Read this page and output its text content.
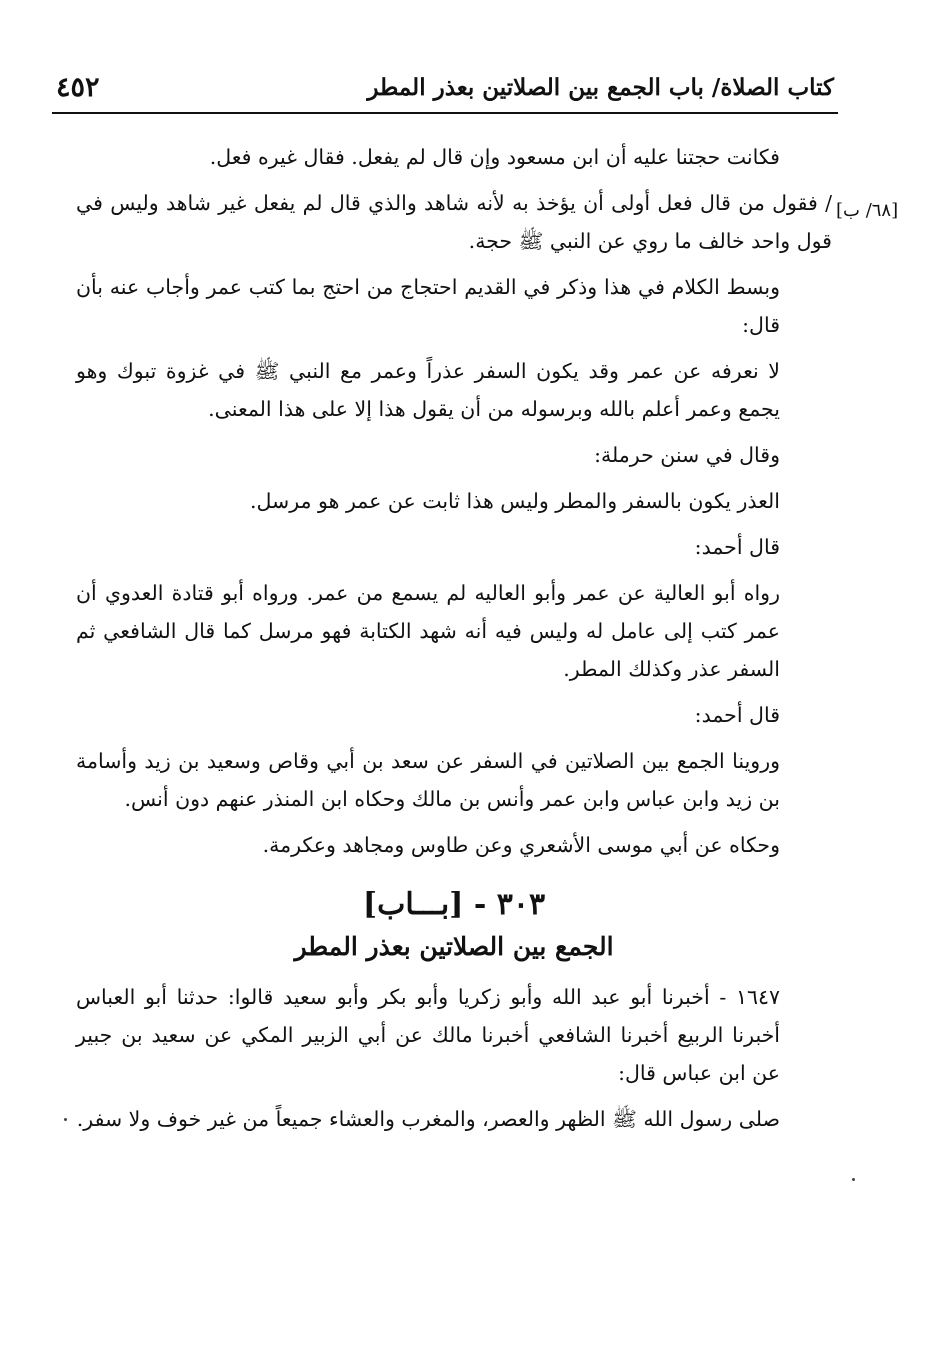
٤٥٢	كتاب الصلاة/ باب الجمع بين الصلاتين بعذر المطر
[٦٨/ ب]

فكانت حجتنا عليه أن ابن مسعود وإن قال لم يفعل. فقال غيره فعل.

/ فقول من قال فعل أولى أن يؤخذ به لأنه شاهد والذي قال لم يفعل غير شاهد وليس في قول واحد خالف ما روي عن النبي ﷺ حجة.

وبسط الكلام في هذا وذكر في القديم احتجاج من احتج بما كتب عمر وأجاب عنه بأن قال:

لا نعرفه عن عمر وقد يكون السفر عذراً وعمر مع النبي ﷺ في غزوة تبوك وهو يجمع وعمر أعلم بالله وبرسوله من أن يقول هذا إلا على هذا المعنى.

وقال في سنن حرملة:

العذر يكون بالسفر والمطر وليس هذا ثابت عن عمر هو مرسل.

قال أحمد:

رواه أبو العالية عن عمر وأبو العاليه لم يسمع من عمر. ورواه أبو قتادة العدوي أن عمر كتب إلى عامل له وليس فيه أنه شهد الكتابة فهو مرسل كما قال الشافعي ثم السفر عذر وكذلك المطر.

قال أحمد:

وروينا الجمع بين الصلاتين في السفر عن سعد بن أبي وقاص وسعيد بن زيد وأسامة بن زيد وابن عباس وابن عمر وأنس بن مالك وحكاه ابن المنذر عنهم دون أنس.

وحكاه عن أبي موسى الأشعري وعن طاوس ومجاهد وعكرمة.

٣٠٣ - [بـــاب]
الجمع بين الصلاتين بعذر المطر

١٦٤٧ - أخبرنا أبو عبد الله وأبو زكريا وأبو بكر وأبو سعيد قالوا: حدثنا أبو العباس أخبرنا الربيع أخبرنا الشافعي أخبرنا مالك عن أبي الزبير المكي عن سعيد بن جبير عن ابن عباس قال:

صلى رسول الله ﷺ الظهر والعصر، والمغرب والعشاء جميعاً من غير خوف ولا سفر.
